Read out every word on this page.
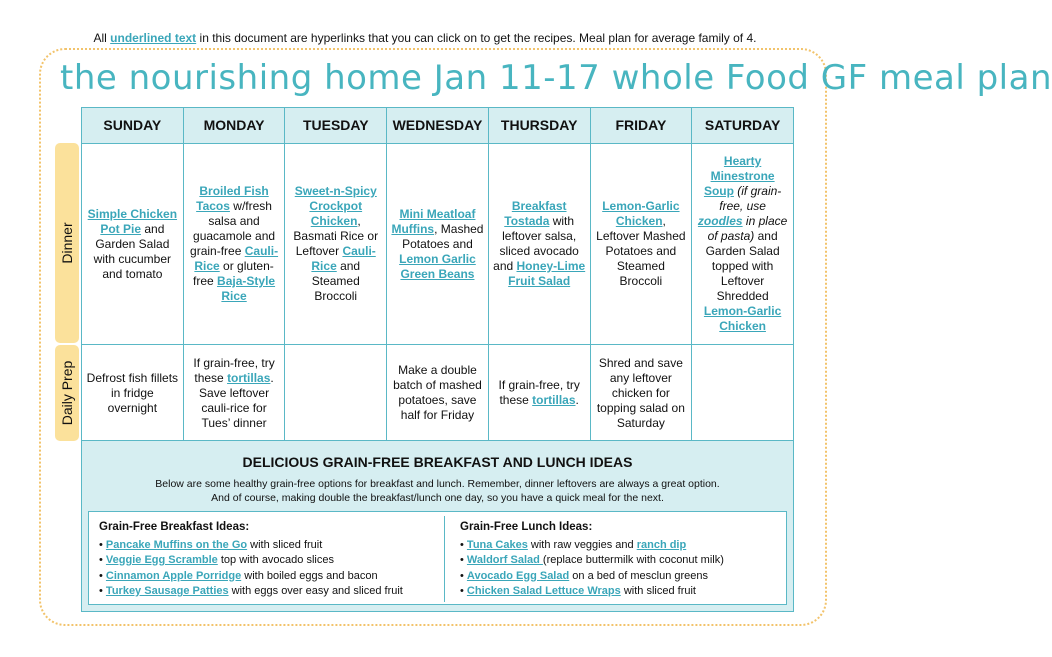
All underlined text in this document are hyperlinks that you can click on to get the recipes. Meal plan for average family of 4.
the nourishing home Jan 11-17 whole Food GF meal plan
Dinner
Daily Prep
SUNDAY	MONDAY	TUESDAY	WEDNESDAY	THURSDAY	FRIDAY	SATURDAY
Simple Chicken Pot Pie and Garden Salad with cucumber and tomato	Broiled Fish Tacos w/fresh salsa and guacamole and grain-free Cauli-Rice or gluten-free Baja-Style Rice	Sweet-n-Spicy Crockpot Chicken, Basmati Rice or Leftover Cauli-Rice and Steamed Broccoli	Mini Meatloaf Muffins, Mashed Potatoes and Lemon Garlic Green Beans	Breakfast Tostada with leftover salsa, sliced avocado and Honey-Lime Fruit Salad	Lemon-Garlic Chicken, Leftover Mashed Potatoes and Steamed Broccoli	Hearty Minestrone Soup (if grain-free, use zoodles in place of pasta) and Garden Salad topped with Leftover Shredded Lemon-Garlic Chicken
Defrost fish fillets in fridge overnight	If grain-free, try these tortillas. Save leftover cauli-rice for Tues’ dinner		Make a double batch of mashed potatoes, save half for Friday	If grain-free, try these tortillas.	Shred and save any leftover chicken for topping salad on Saturday	
DELICIOUS GRAIN-FREE BREAKFAST AND LUNCH IDEAS
Below are some healthy grain-free options for breakfast and lunch. Remember, dinner leftovers are always a great option.
And of course, making double the breakfast/lunch one day, so you have a quick meal for the next.
Grain-Free Breakfast Ideas:
• Pancake Muffins on the Go with sliced fruit
• Veggie Egg Scramble top with avocado slices
• Cinnamon Apple Porridge with boiled eggs and bacon
• Turkey Sausage Patties with eggs over easy and sliced fruit
Grain-Free Lunch Ideas:
• Tuna Cakes with raw veggies and ranch dip
• Waldorf Salad (replace buttermilk with coconut milk)
• Avocado Egg Salad on a bed of mesclun greens
• Chicken Salad Lettuce Wraps with sliced fruit
